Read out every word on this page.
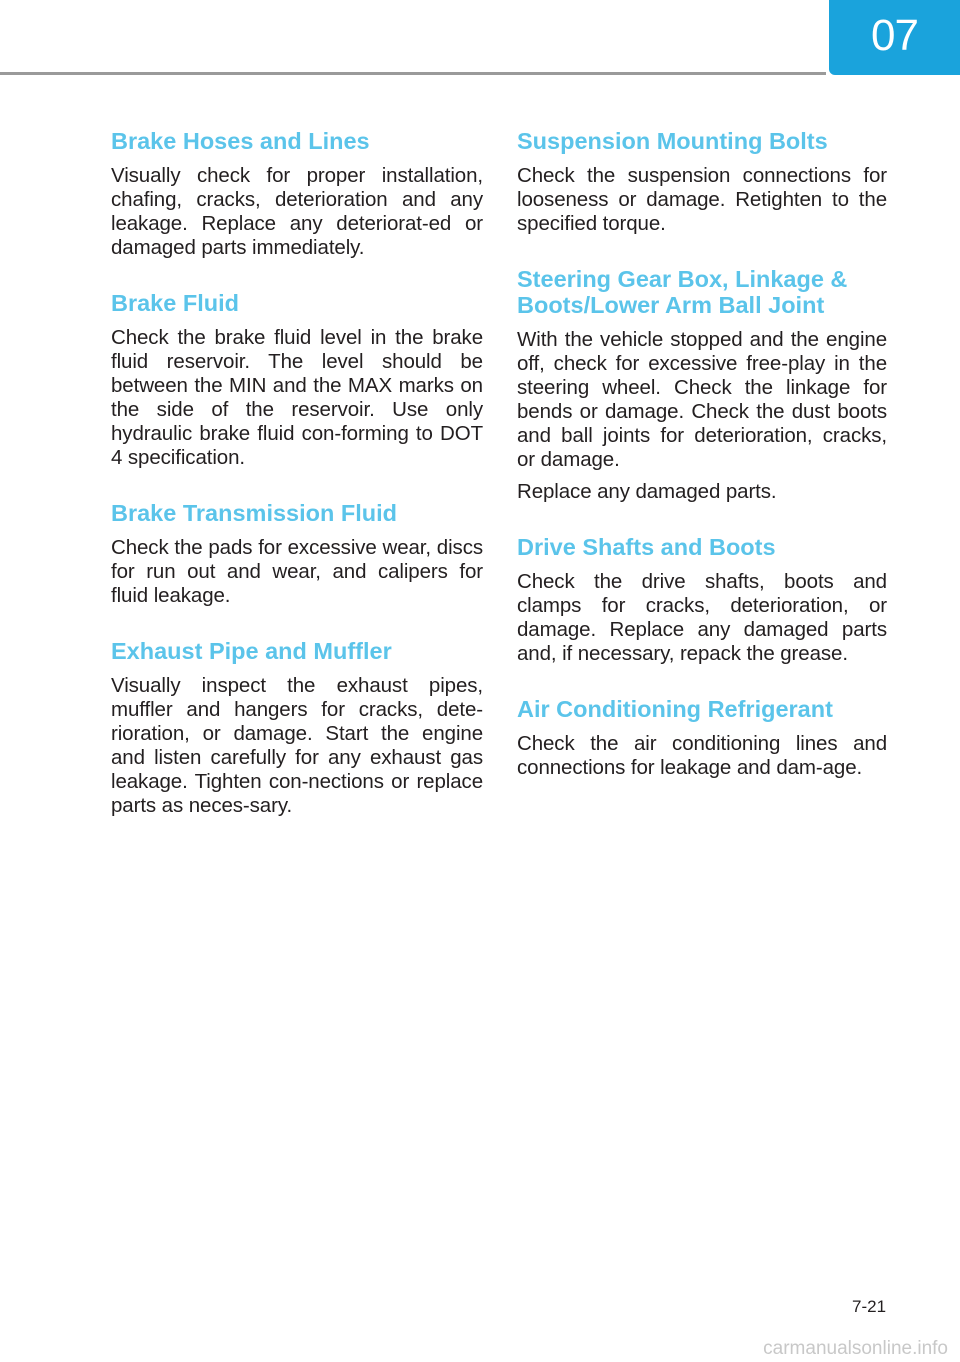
07
Brake Hoses and Lines

Visually check for proper installation, chafing, cracks, deterioration and any leakage. Replace any deteriorat-ed or damaged parts immediately.

Brake Fluid

Check the brake fluid level in the brake fluid reservoir. The level should be between the MIN and the MAX marks on the side of the reservoir. Use only hydraulic brake fluid con-forming to DOT 4 specification.

Brake Transmission Fluid

Check the pads for excessive wear, discs for run out and wear, and calipers for fluid leakage.

Exhaust Pipe and Muffler

Visually inspect the exhaust pipes, muffler and hangers for cracks, dete-rioration, or damage. Start the engine and listen carefully for any exhaust gas leakage. Tighten con-nections or replace parts as neces-sary.

Suspension Mounting Bolts

Check the suspension connections for looseness or damage. Retighten to the specified torque.

Steering Gear Box, Linkage & Boots/Lower Arm Ball Joint

With the vehicle stopped and the engine off, check for excessive free-play in the steering wheel. Check the linkage for bends or damage. Check the dust boots and ball joints for deterioration, cracks, or damage.

Replace any damaged parts.

Drive Shafts and Boots

Check the drive shafts, boots and clamps for cracks, deterioration, or damage. Replace any damaged parts and, if necessary, repack the grease.

Air Conditioning Refrigerant

Check the air conditioning lines and connections for leakage and dam-age.

7-21
carmanualsonline.info
